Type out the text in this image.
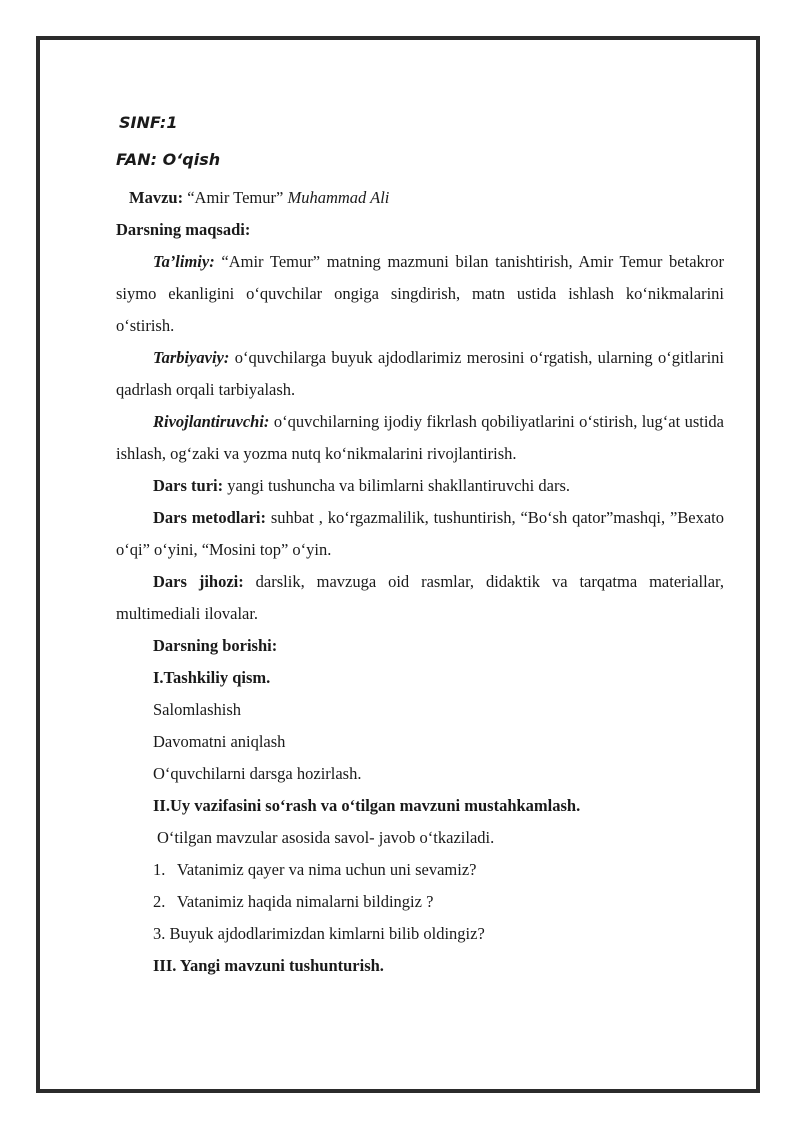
SINF:1

FAN: O‘qish

Mavzu: “Amir Temur” Muhammad Ali

Darsning maqsadi:

Ta’limiy: “Amir Temur” matning mazmuni bilan tanishtirish, Amir Temur betakror siymo ekanligini o‘quvchilar ongiga singdirish, matn ustida ishlash ko‘nikmalarini o‘stirish.

Tarbiyaviy: o‘quvchilarga buyuk ajdodlarimiz merosini o‘rgatish, ularning o‘gitlarini qadrlash orqali tarbiyalash.

Rivojlantiruvchi: o‘quvchilarning ijodiy fikrlash qobiliyatlarini o‘stirish, lug‘at ustida ishlash, og‘zaki va yozma nutq ko‘nikmalarini rivojlantirish.

Dars turi: yangi tushuncha va bilimlarni shakllantiruvchi dars.

Dars metodlari: suhbat , ko‘rgazmalilik, tushuntirish, “Bo‘sh qator”mashqi, ”Bexato o‘qi” o‘yini, “Mosini top” o‘yin.

Dars jihozi: darslik, mavzuga oid rasmlar, didaktik va tarqatma materiallar, multimediali ilovalar.

Darsning borishi:

I.Tashkiliy qism.

Salomlashish

Davomatni aniqlash

O‘quvchilarni darsga hozirlash.

II.Uy vazifasini so‘rash va o‘tilgan mavzuni mustahkamlash.

O‘tilgan mavzular asosida savol- javob o‘tkaziladi.

1. Vatanimiz qayer va nima uchun uni sevamiz?

2. Vatanimiz haqida nimalarni bildingiz ?

3. Buyuk ajdodlarimizdan kimlarni bilib oldingiz?

III. Yangi mavzuni tushunturish.
